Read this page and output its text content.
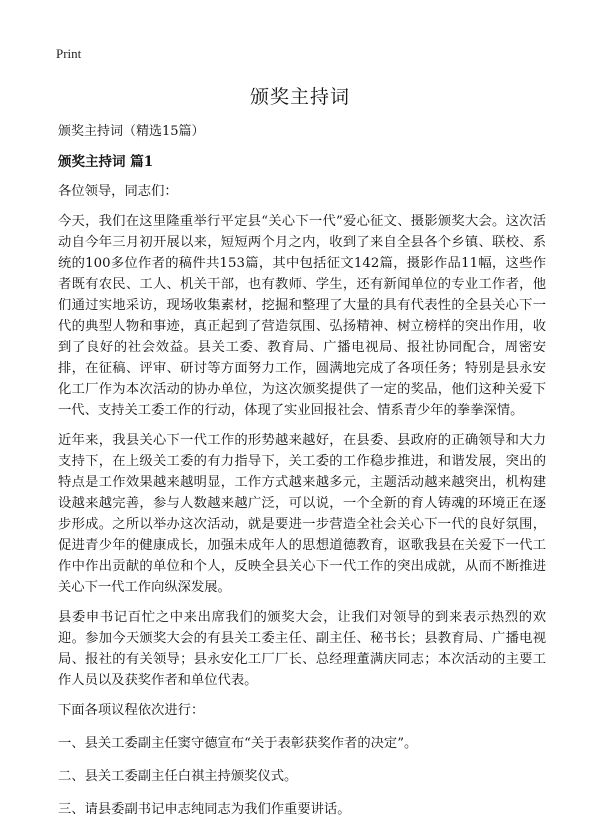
Print
颁奖主持词

颁奖主持词（精选15篇）

颁奖主持词 篇1

各位领导，同志们：

今天，我们在这里隆重举行平定县“关心下一代”爱心征文、摄影颁奖大会。这次活动自今年三月初开展以来，短短两个月之内，收到了来自全县各个乡镇、联校、系统的100多位作者的稿件共153篇，其中包括征文142篇，摄影作品11幅，这些作者既有农民、工人、机关干部，也有教师、学生，还有新闻单位的专业工作者，他们通过实地采访，现场收集素材，挖掘和整理了大量的具有代表性的全县关心下一代的典型人物和事迹，真正起到了营造氛围、弘扬精神、树立榜样的突出作用，收到了良好的社会效益。县关工委、教育局、广播电视局、报社协同配合，周密安排，在征稿、评审、研讨等方面努力工作，圆满地完成了各项任务；特别是县永安化工厂作为本次活动的协办单位，为这次颁奖提供了一定的奖品，他们这种关爱下一代、支持关工委工作的行动，体现了实业回报社会、情系青少年的拳拳深情。

近年来，我县关心下一代工作的形势越来越好，在县委、县政府的正确领导和大力支持下，在上级关工委的有力指导下，关工委的工作稳步推进，和谐发展，突出的特点是工作效果越来越明显，工作方式越来越多元，主题活动越来越突出，机构建设越来越完善，参与人数越来越广泛，可以说，一个全新的育人铸魂的环境正在逐步形成。之所以举办这次活动，就是要进一步营造全社会关心下一代的良好氛围，促进青少年的健康成长，加强未成年人的思想道德教育，讴歌我县在关爱下一代工作中作出贡献的单位和个人，反映全县关心下一代工作的突出成就，从而不断推进关心下一代工作向纵深发展。

县委申书记百忙之中来出席我们的颁奖大会，让我们对领导的到来表示热烈的欢迎。参加今天颁奖大会的有县关工委主任、副主任、秘书长；县教育局、广播电视局、报社的有关领导；县永安化工厂厂长、总经理董满庆同志；本次活动的主要工作人员以及获奖作者和单位代表。

下面各项议程依次进行：

一、县关工委副主任窦守德宣布“关于表彰获奖作者的决定”。

二、县关工委副主任白祺主持颁奖仪式。

三、请县委副书记申志纯同志为我们作重要讲话。
